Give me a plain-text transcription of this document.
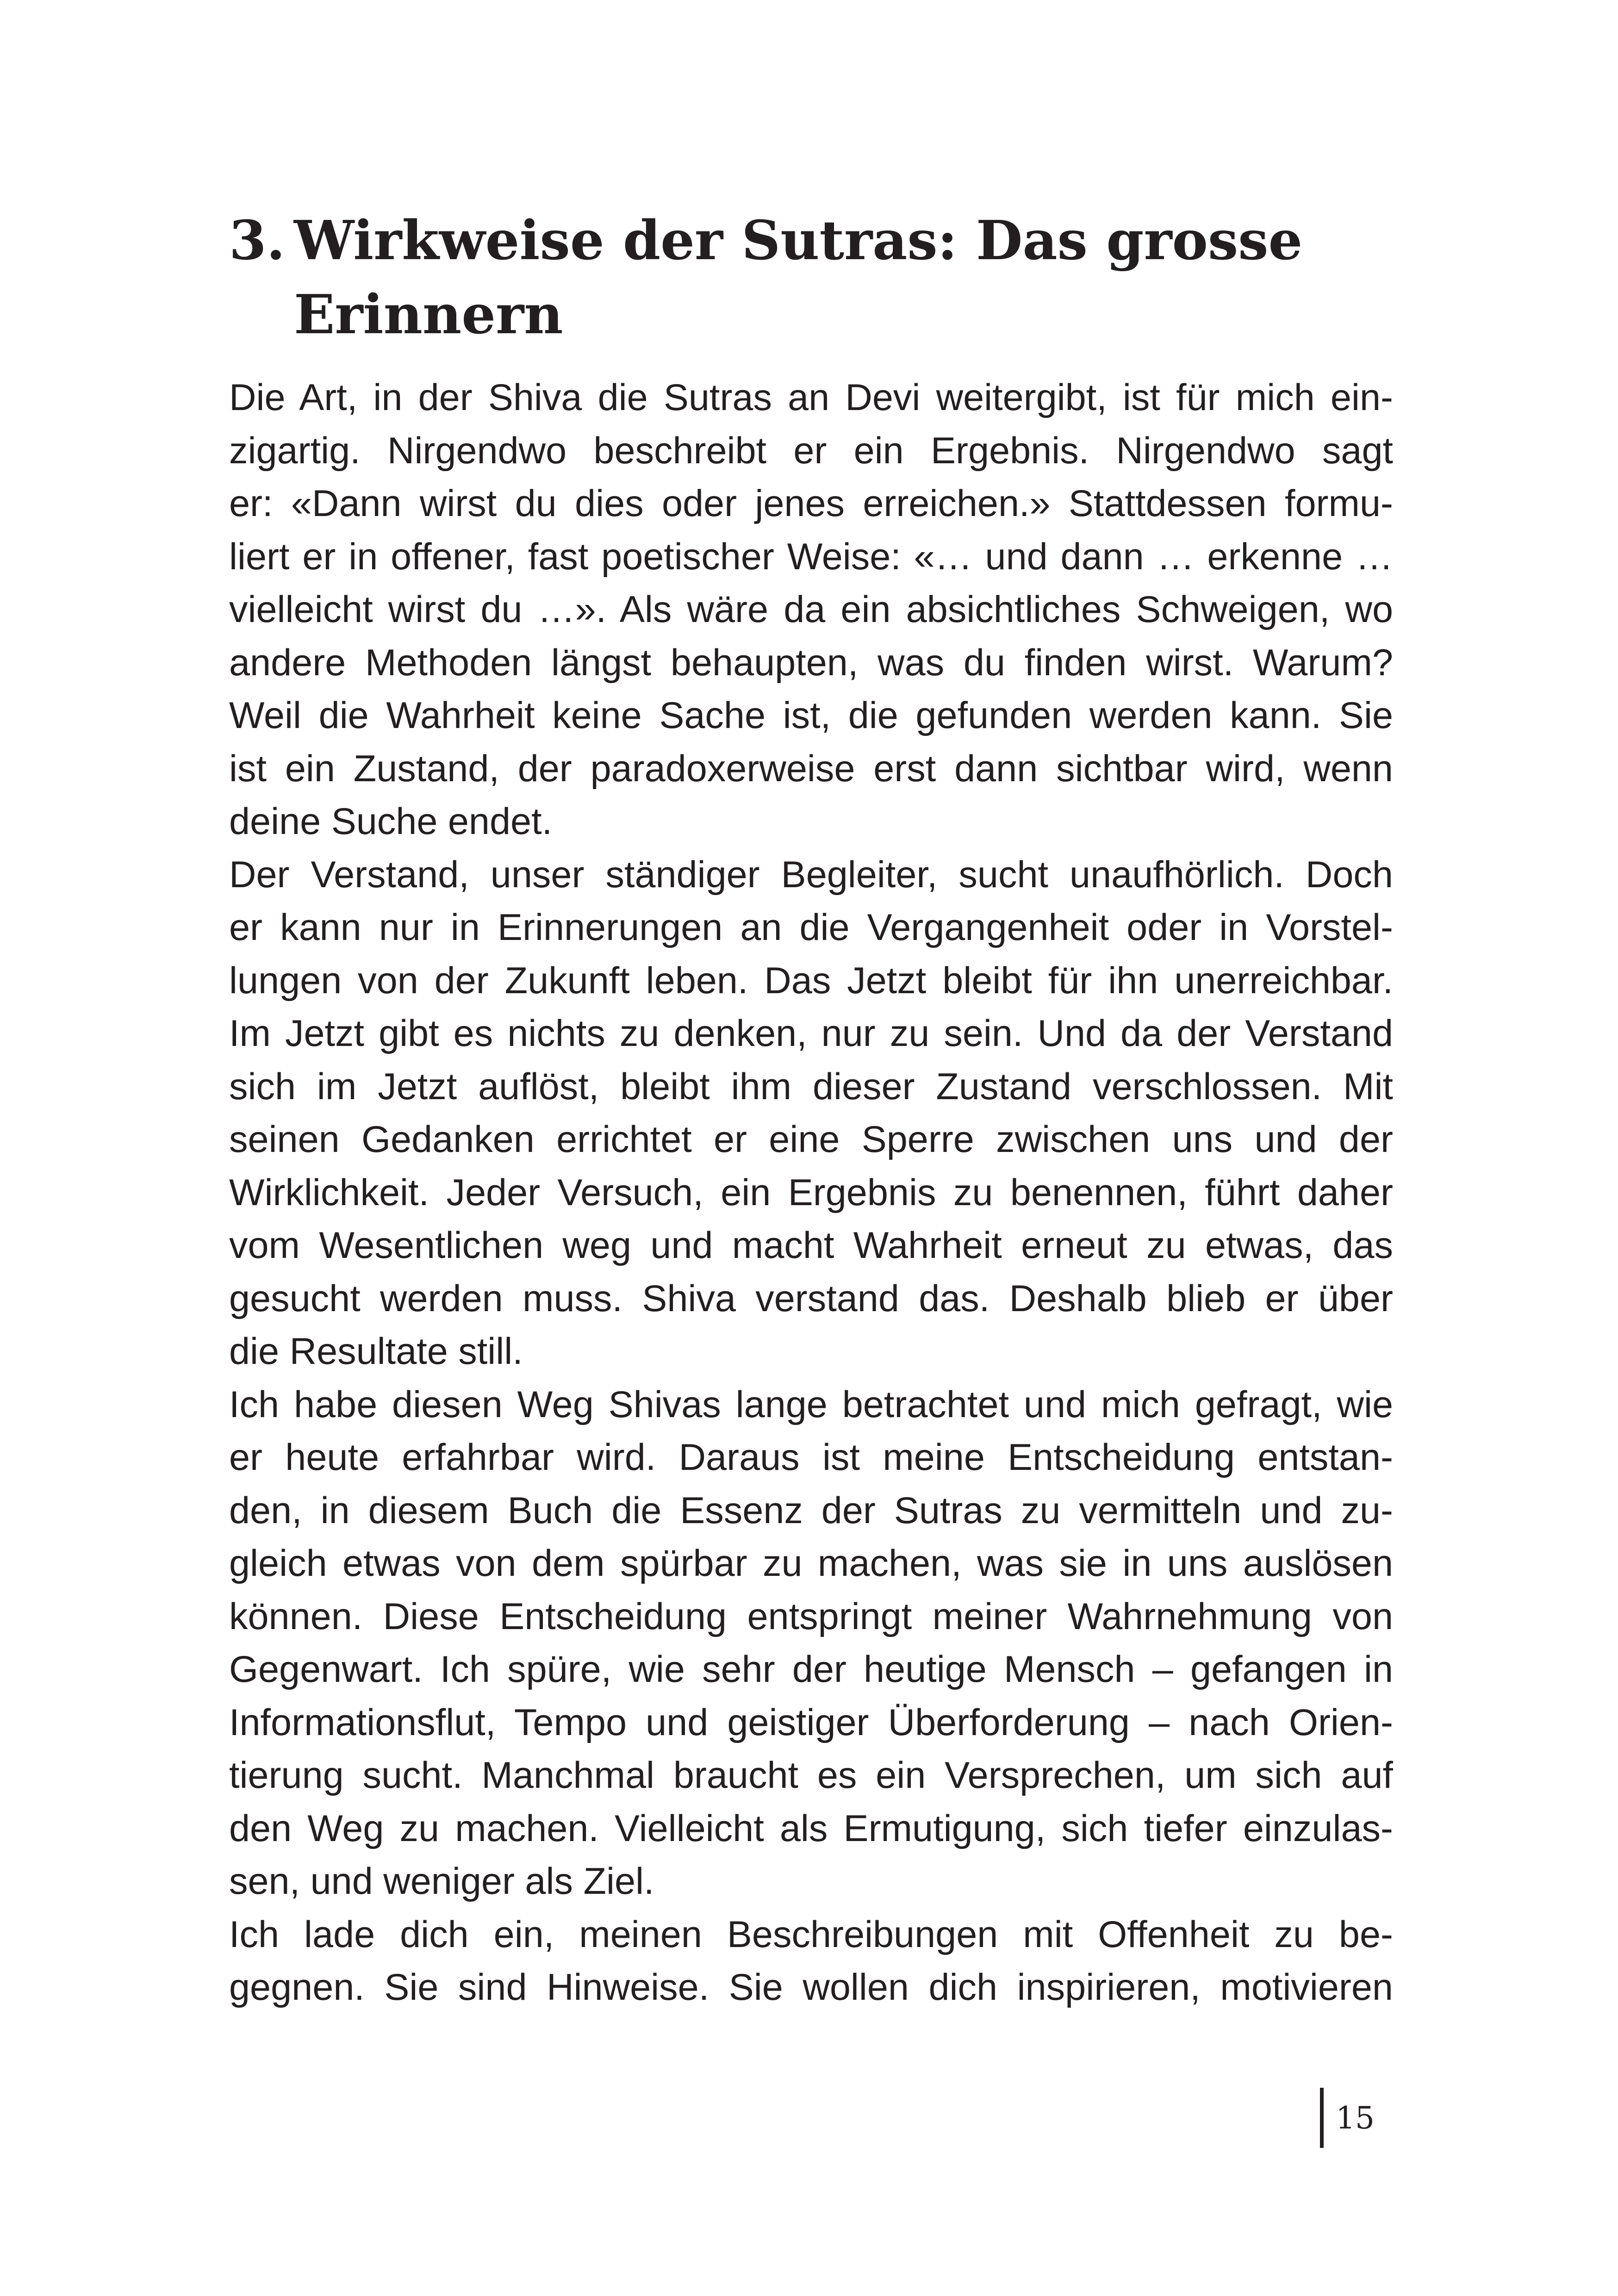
3. Wirkweise der Sutras: Das grosse Erinnern
Die Art, in der Shiva die Sutras an Devi weitergibt, ist für mich ein-
zigartig. Nirgendwo beschreibt er ein Ergebnis. Nirgendwo sagt
er: «Dann wirst du dies oder jenes erreichen.» Stattdessen formu-
liert er in offener, fast poetischer Weise: «… und dann … erkenne …
vielleicht wirst du …». Als wäre da ein absichtliches Schweigen, wo
andere Methoden längst behaupten, was du finden wirst. Warum?
Weil die Wahrheit keine Sache ist, die gefunden werden kann. Sie
ist ein Zustand, der paradoxerweise erst dann sichtbar wird, wenn
deine Suche endet.
Der Verstand, unser ständiger Begleiter, sucht unaufhörlich. Doch
er kann nur in Erinnerungen an die Vergangenheit oder in Vorstel-
lungen von der Zukunft leben. Das Jetzt bleibt für ihn unerreichbar.
Im Jetzt gibt es nichts zu denken, nur zu sein. Und da der Verstand
sich im Jetzt auflöst, bleibt ihm dieser Zustand verschlossen. Mit
seinen Gedanken errichtet er eine Sperre zwischen uns und der
Wirklichkeit. Jeder Versuch, ein Ergebnis zu benennen, führt daher
vom Wesentlichen weg und macht Wahrheit erneut zu etwas, das
gesucht werden muss. Shiva verstand das. Deshalb blieb er über
die Resultate still.
Ich habe diesen Weg Shivas lange betrachtet und mich gefragt, wie
er heute erfahrbar wird. Daraus ist meine Entscheidung entstan-
den, in diesem Buch die Essenz der Sutras zu vermitteln und zu-
gleich etwas von dem spürbar zu machen, was sie in uns auslösen
können. Diese Entscheidung entspringt meiner Wahrnehmung von
Gegenwart. Ich spüre, wie sehr der heutige Mensch – gefangen in
Informationsflut, Tempo und geistiger Überforderung – nach Orien-
tierung sucht. Manchmal braucht es ein Versprechen, um sich auf
den Weg zu machen. Vielleicht als Ermutigung, sich tiefer einzulas-
sen, und weniger als Ziel.
Ich lade dich ein, meinen Beschreibungen mit Offenheit zu be-
gegnen. Sie sind Hinweise. Sie wollen dich inspirieren, motivieren
15
